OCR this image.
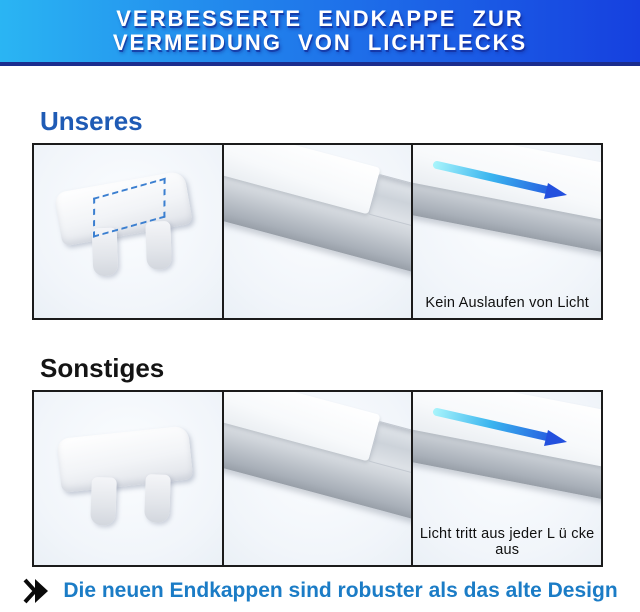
VERBESSERTE ENDKAPPE ZUR
VERMEIDUNG VON LICHTLECKS
Unseres
Kein Auslaufen von Licht
Sonstiges
Licht tritt aus jeder L ü cke aus
Die neuen Endkappen sind robuster als das alte Design
